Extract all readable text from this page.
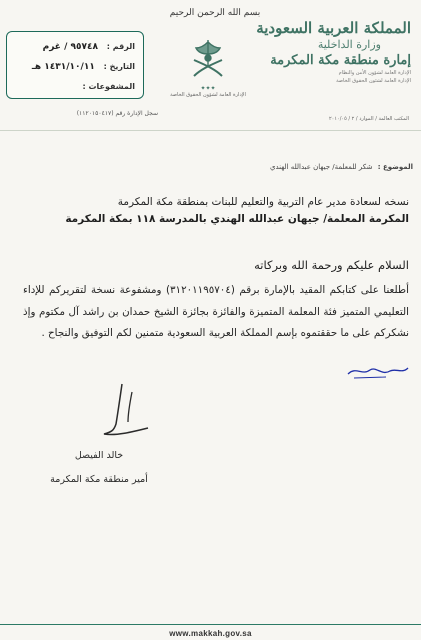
بسم الله الرحمن الرحيم
✦✦✦
الإدارة العامة لشؤون الحقوق الخاصة
الرقم : ٩٥٧٤٨ / غرم
التاريخ : ١٤٣١/١٠/١١ هـ
المشفوعات :
سجل الإدارة رقم (١١٢٠١٥٠٤١٧)
المملكة العربية السعودية
وزارة الداخلية
إمارة منطقة مكة المكرمة
الإدارة العامة لشؤون الأمن والنظام
الإدارة العامة لشئون الحقوق الخاصة
المكتب العالمة / الموارد / ٢ / ٢٠١٠/٠٥
الموضوع : شكر للمعلمة/ جيهان عبدالله الهندي
نسخه لسعادة مدير عام التربية والتعليم للبنات بمنطقة مكة المكرمة
المكرمة المعلمة/ جيهان عبدالله الهندي بالمدرسة ١١٨ بمكة المكرمة
السلام عليكم ورحمة الله وبركاته
أطلعنا على كتابكم المقيد بالإمارة برقم (٣١٢٠١١٩٥٧٠٤) ومشفوعة نسخة لتقريركم للإداء التعليمي المتميز فئة المعلمة المتميزة والفائزة بجائزة الشيخ حمدان بن راشد آل مكتوم وإذ نشكركم على ما حققتموه بإسم المملكة العربية السعودية متمنين لكم التوفيق والنجاح .
خالد الفيصل
أمير منطقة مكة المكرمة
www.makkah.gov.sa
